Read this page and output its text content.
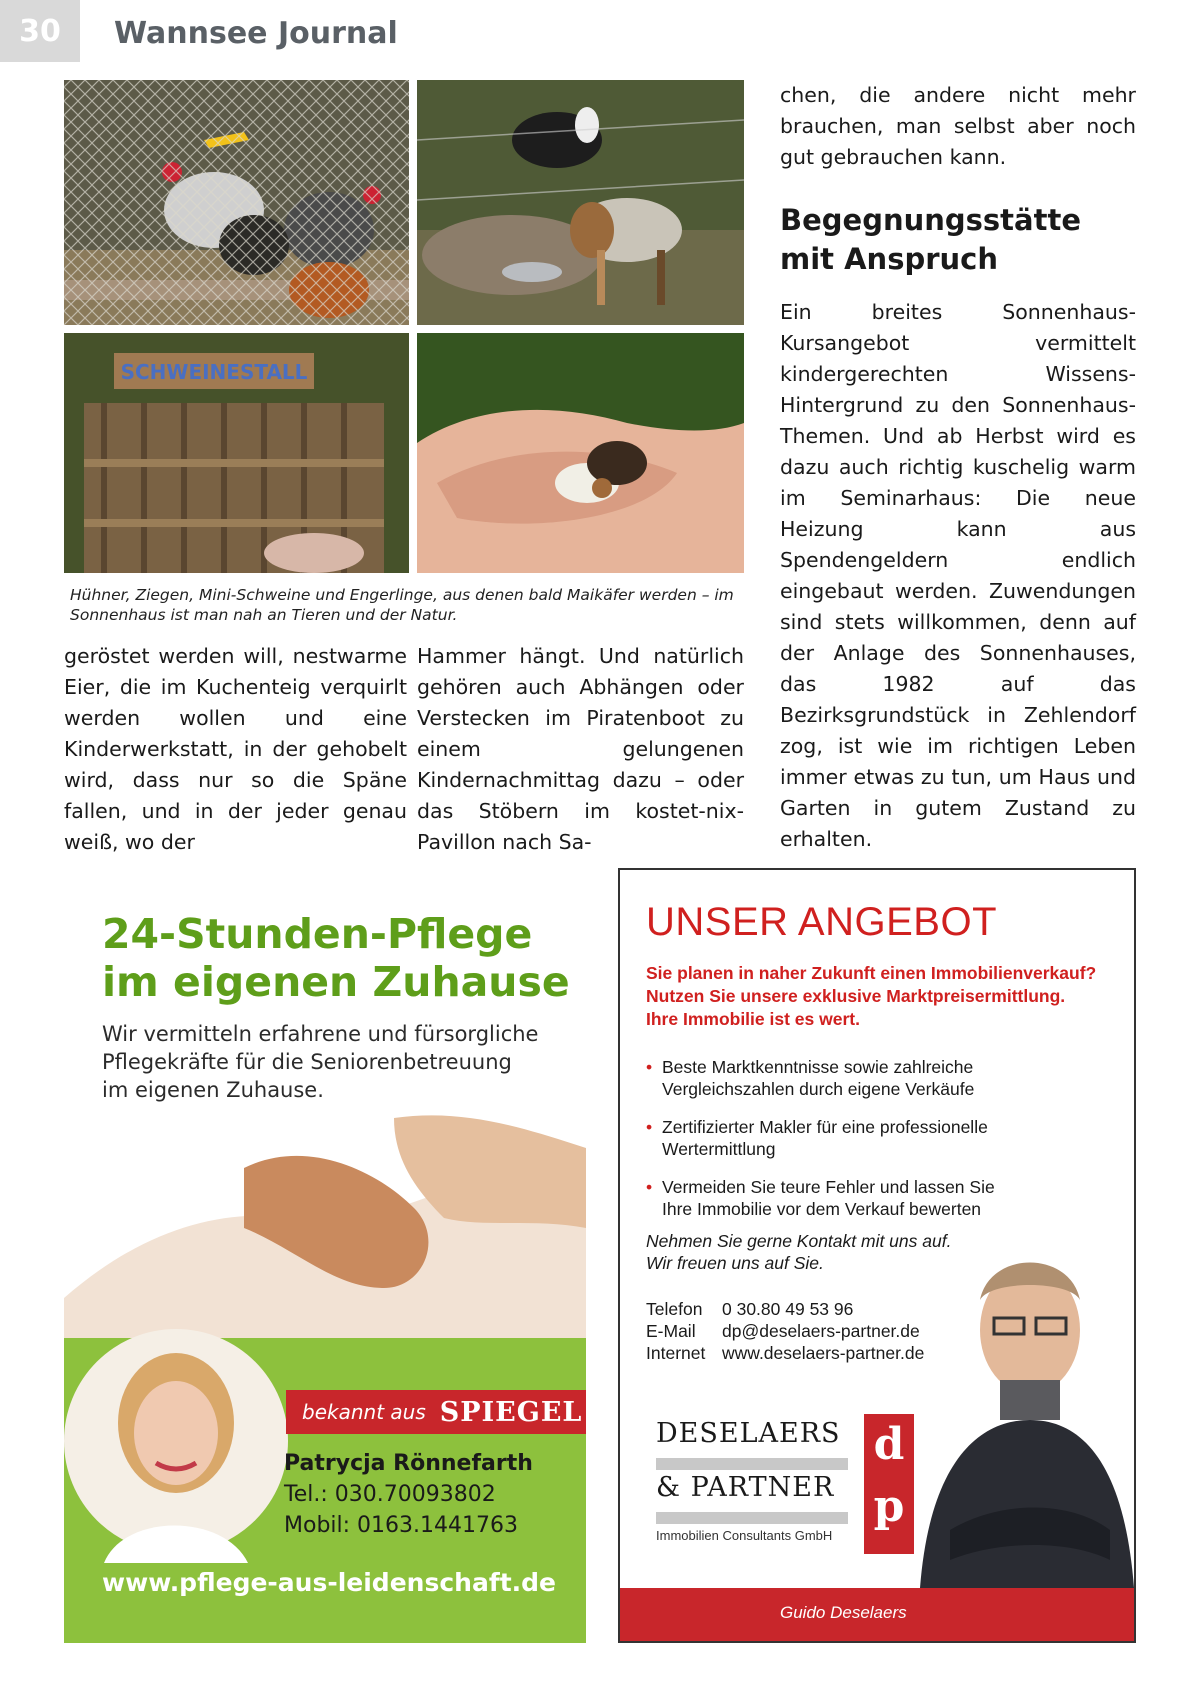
30	Wannsee Journal
SCHWEINESTALL
Hühner, Ziegen, Mini-Schweine und Engerlinge, aus denen bald Maikäfer werden – im Sonnenhaus ist man nah an Tieren und der Natur.

geröstet werden will, nestwarme Eier, die im Kuchenteig verquirlt werden wollen und eine Kinderwerkstatt, in der gehobelt wird, dass nur so die Späne fallen, und in der jeder genau weiß, wo der

Hammer hängt. Und natürlich gehören auch Abhängen oder Verstecken im Piratenboot zu einem gelungenen Kindernachmittag dazu – oder das Stöbern im kostet-nix-Pavillon nach Sa-

chen, die andere nicht mehr brauchen, man selbst aber noch gut gebrauchen kann.

Begegnungsstätte
mit Anspruch

Ein breites Sonnenhaus-Kursangebot vermittelt kindergerechten Wissens-Hintergrund zu den Sonnenhaus-Themen. Und ab Herbst wird es dazu auch richtig kuschelig warm im Seminarhaus: Die neue Heizung kann aus Spendengeldern endlich eingebaut werden. Zuwendungen sind stets willkommen, denn auf der Anlage des Sonnenhauses, das 1982 auf das Bezirksgrundstück in Zehlendorf zog, ist wie im richtigen Leben immer etwas zu tun, um Haus und Garten in gutem Zustand zu erhalten.

24-Stunden-Pflege
im eigenen Zuhause
Wir vermitteln erfahrene und fürsorgliche
Pflegekräfte für die Seniorenbetreuung
im eigenen Zuhause.
bekannt aus SPIEGEL
Patrycja Rönnefarth
Tel.: 030.70093802
Mobil: 0163.1441763
www.pflege-aus-leidenschaft.de
UNSER ANGEBOT
Sie planen in naher Zukunft einen Immobilienverkauf?
Nutzen Sie unsere exklusive Marktpreisermittlung.
Ihre Immobilie ist es wert.
• Beste Marktkenntnisse sowie zahlreiche
Vergleichszahlen durch eigene Verkäufe
• Zertifizierter Makler für eine professionelle
Wertermittlung
• Vermeiden Sie teure Fehler und lassen Sie
Ihre Immobilie vor dem Verkauf bewerten
Nehmen Sie gerne Kontakt mit uns auf.
Wir freuen uns auf Sie.
Telefon	0 30.80 49 53 96
E-Mail	dp@deselaers-partner.de
Internet www.deselaers-partner.de
DESELAERS
& PARTNER
Immobilien Consultants GmbH
d
p
Guido Deselaers
